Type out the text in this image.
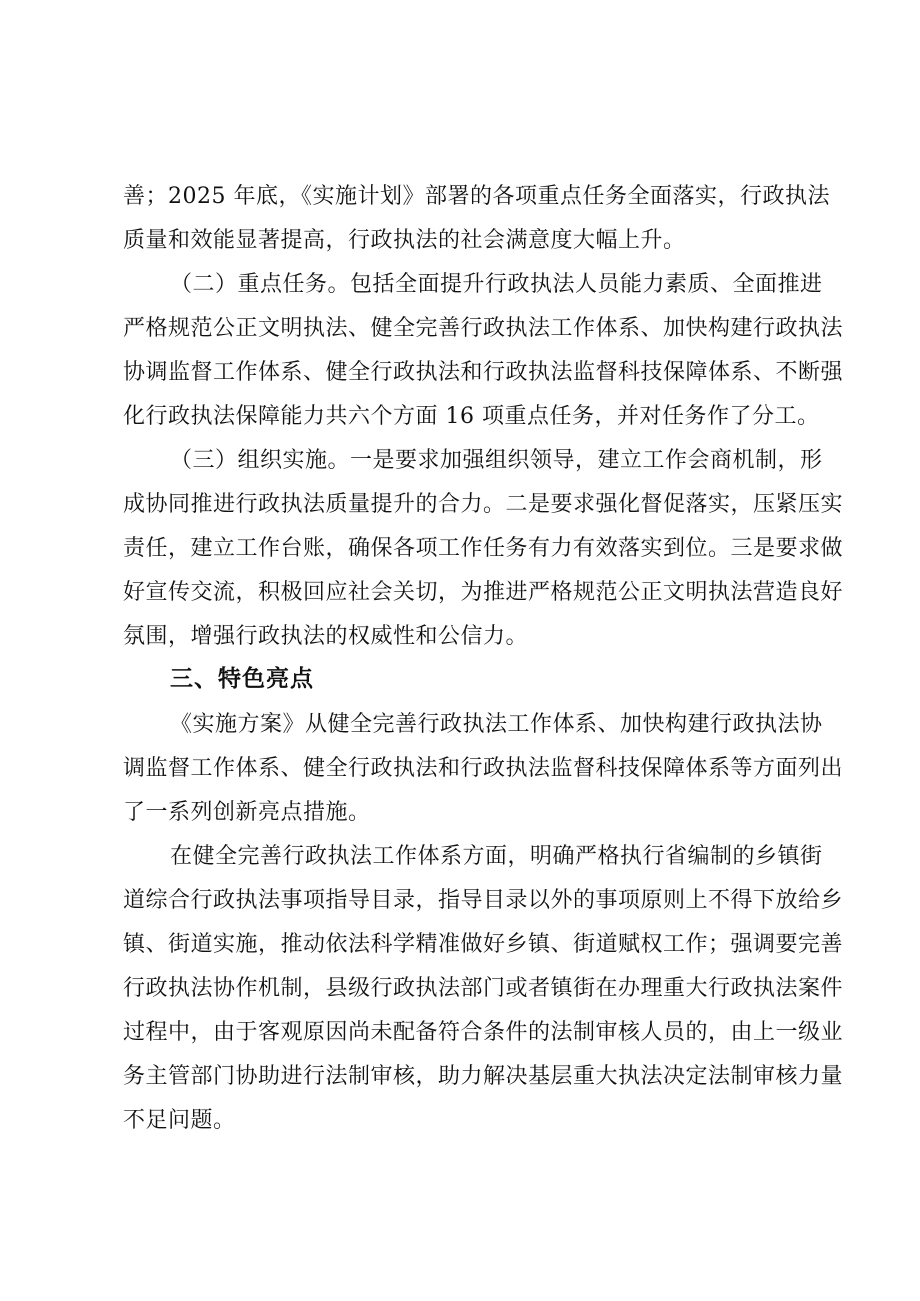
善；2025 年底，《实施计划》部署的各项重点任务全面落实，行政执法
质量和效能显著提高，行政执法的社会满意度大幅上升。
（二）重点任务。包括全面提升行政执法人员能力素质、全面推进
严格规范公正文明执法、健全完善行政执法工作体系、加快构建行政执法
协调监督工作体系、健全行政执法和行政执法监督科技保障体系、不断强
化行政执法保障能力共六个方面 16 项重点任务，并对任务作了分工。
（三）组织实施。一是要求加强组织领导，建立工作会商机制，形
成协同推进行政执法质量提升的合力。二是要求强化督促落实，压紧压实
责任，建立工作台账，确保各项工作任务有力有效落实到位。三是要求做
好宣传交流，积极回应社会关切，为推进严格规范公正文明执法营造良好
氛围，增强行政执法的权威性和公信力。
三、特色亮点
《实施方案》从健全完善行政执法工作体系、加快构建行政执法协
调监督工作体系、健全行政执法和行政执法监督科技保障体系等方面列出
了一系列创新亮点措施。
在健全完善行政执法工作体系方面，明确严格执行省编制的乡镇街
道综合行政执法事项指导目录，指导目录以外的事项原则上不得下放给乡
镇、街道实施，推动依法科学精准做好乡镇、街道赋权工作；强调要完善
行政执法协作机制，县级行政执法部门或者镇街在办理重大行政执法案件
过程中，由于客观原因尚未配备符合条件的法制审核人员的，由上一级业
务主管部门协助进行法制审核，助力解决基层重大执法决定法制审核力量
不足问题。
